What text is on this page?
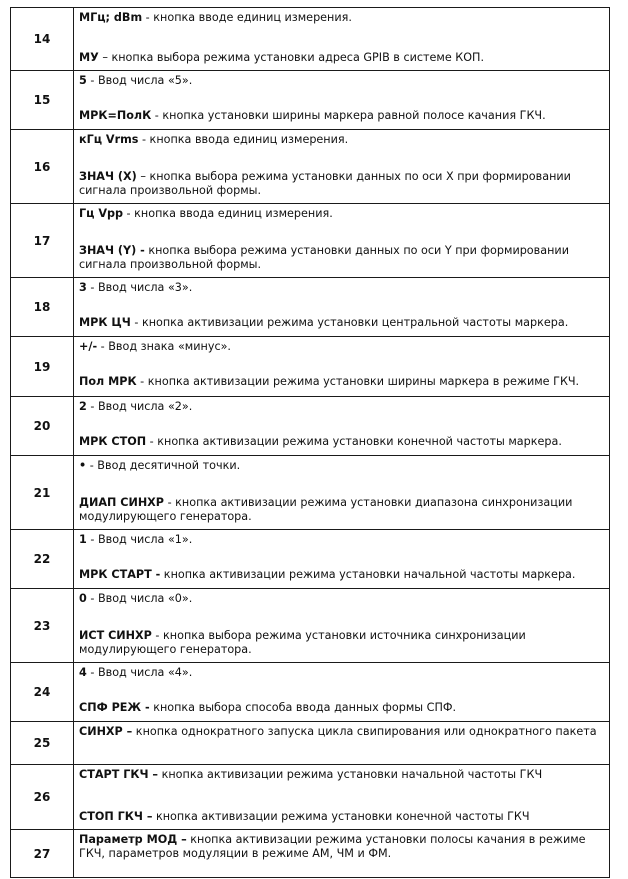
14	МГц; dBm - кнопка вводе единиц измерения.
МУ – кнопка выбора режима установки адреса GPIB в системе КОП.

15	5 - Ввод числа «5».
МРК=ПолК - кнопка установки ширины маркера равной полосе качания ГКЧ.

16	кГц Vrms - кнопка ввода единиц измерения.
ЗНАЧ (X) – кнопка выбора режима установки данных по оси X при формировании сигнала произвольной формы.

17	Гц Vpp - кнопка ввода единиц измерения.
ЗНАЧ (Y) - кнопка выбора режима установки данных по оси Y при формировании сигнала произвольной формы.

18	3 - Ввод числа «3».
МРК ЦЧ - кнопка активизации режима установки центральной частоты маркера.

19	+/- - Ввод знака «минус».
Пол МРК - кнопка активизации режима установки ширины маркера в режиме ГКЧ.

20	2 - Ввод числа «2».
МРК СТОП - кнопка активизации режима установки конечной частоты маркера.

21	• - Ввод десятичной точки.
ДИАП СИНХР - кнопка активизации режима установки диапазона синхронизации модулирующего генератора.

22	1 - Ввод числа «1».
МРК СТАРТ - кнопка активизации режима установки начальной частоты маркера.

23	0 - Ввод числа «0».
ИСТ СИНХР - кнопка выбора режима установки источника синхронизации модулирующего генератора.

24	4 - Ввод числа «4».
СПФ РЕЖ - кнопка выбора способа ввода данных формы СПФ.

25	СИНХР – кнопка однократного запуска цикла свипирования или однократного пакета

26	СТАРТ ГКЧ – кнопка активизации режима установки начальной частоты ГКЧ
СТОП ГКЧ – кнопка активизации режима установки конечной частоты ГКЧ

27	Параметр МОД – кнопка активизации режима установки полосы качания в режиме ГКЧ, параметров модуляции в режиме АМ, ЧМ и ФМ.
